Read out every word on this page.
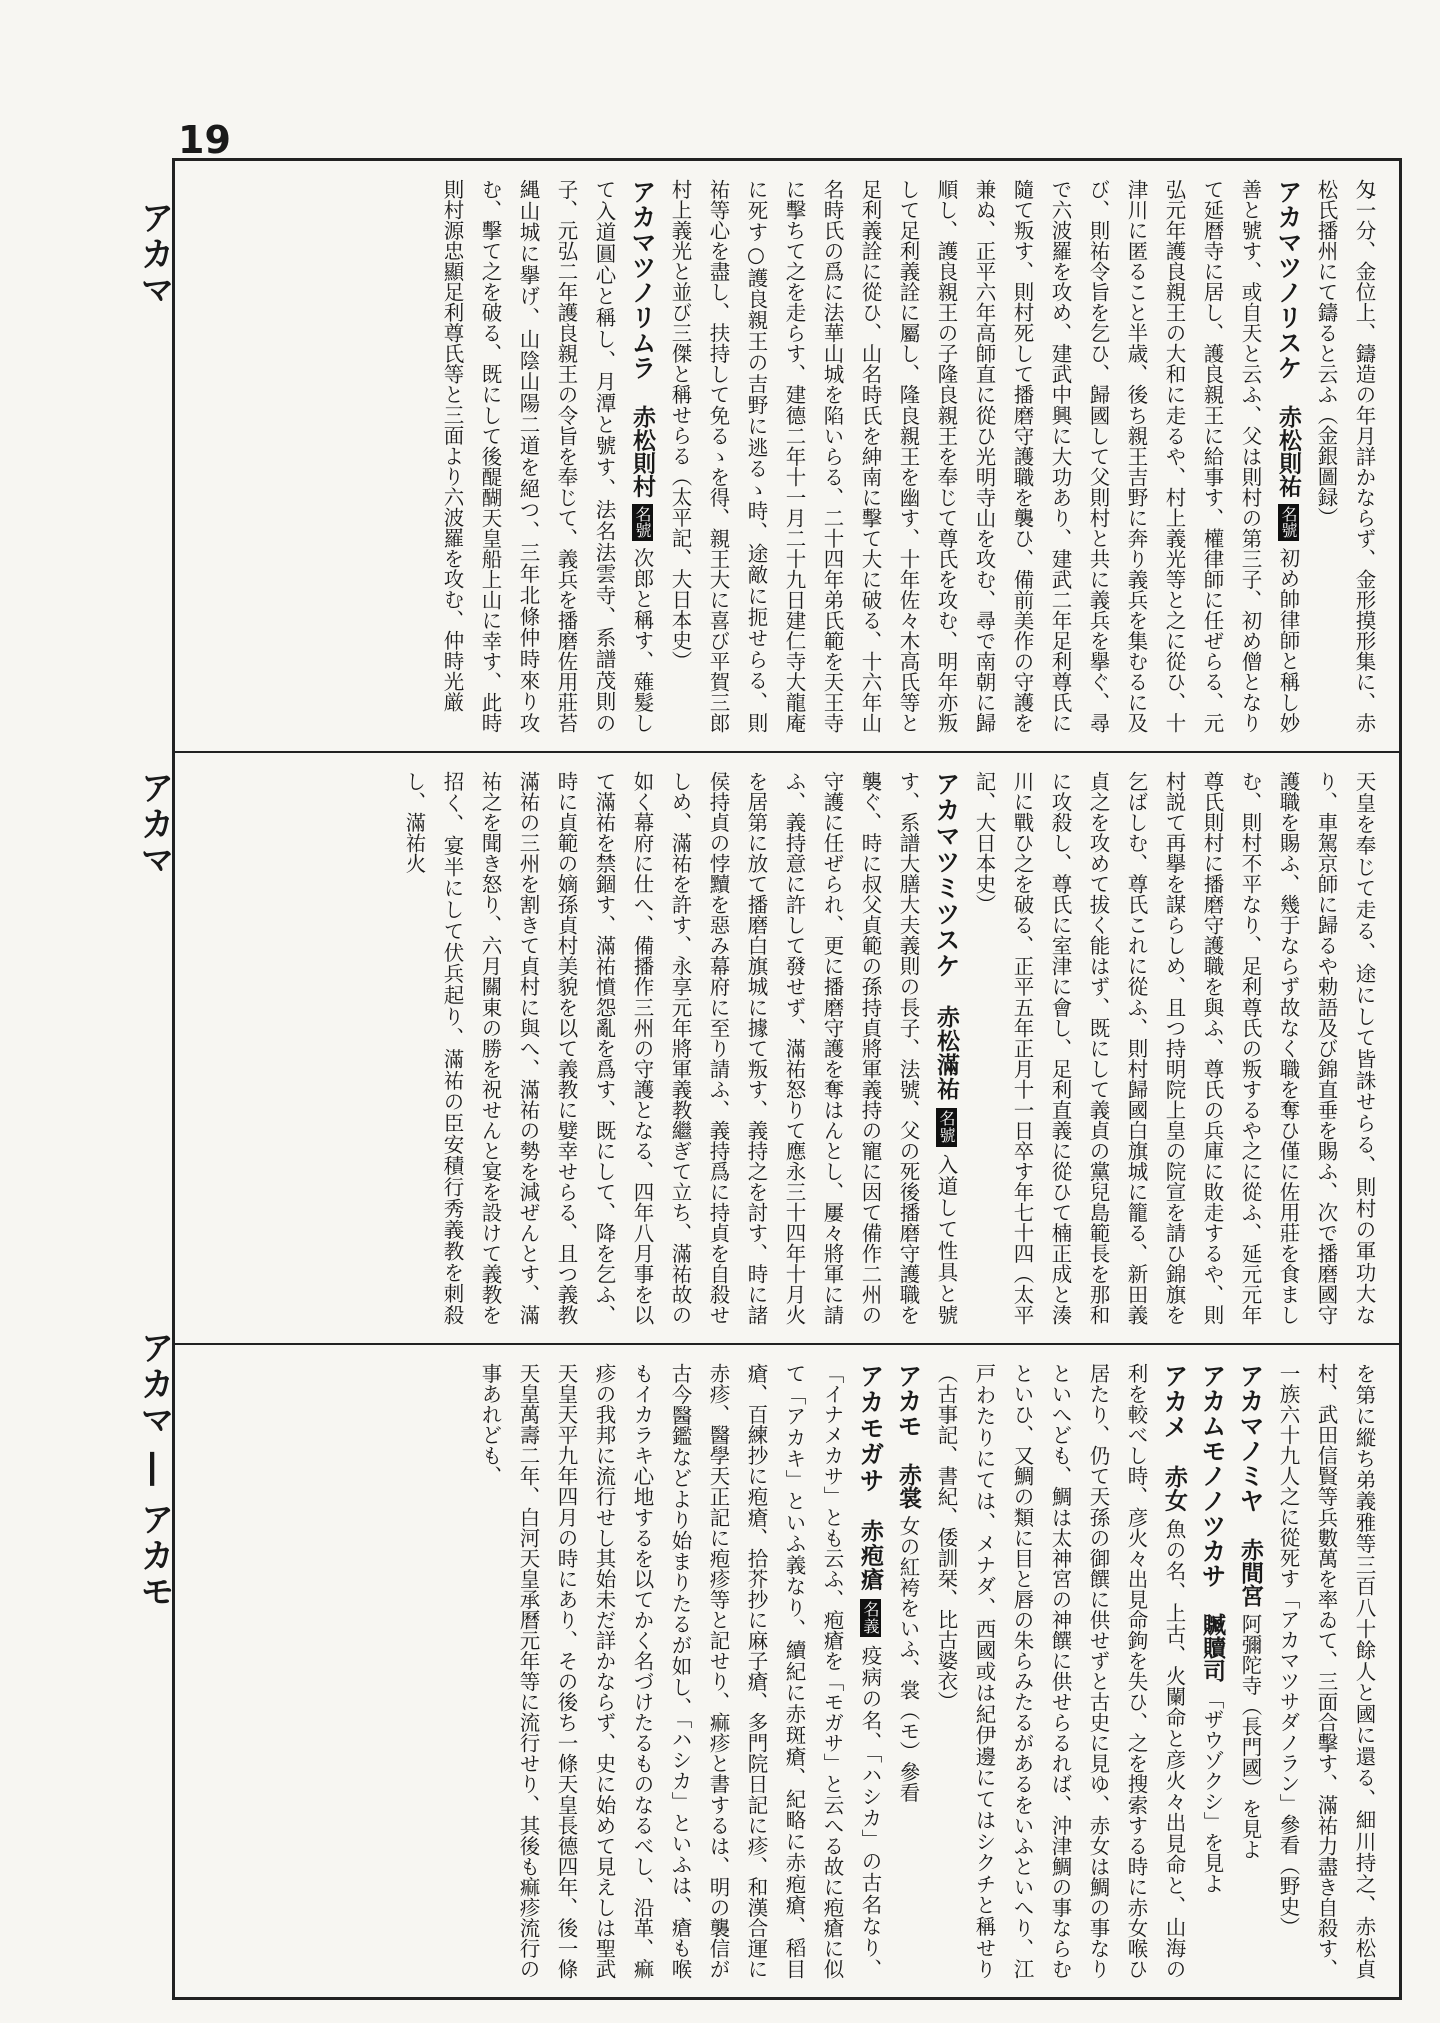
19
アカマ
アカマ
アカマ ― アカモ

匁一分、金位上、鑄造の年月詳かならず、金形摸形集に、赤松氏播州にて鑄ると云ふ（金銀圖録）

アカマツノリスケ 赤松則祐 名號 初め帥律師と稱し妙善と號す、或自天と云ふ、父は則村の第三子、初め僧となりて延暦寺に居し、護良親王に給事す、權律師に任ぜらる、元弘元年護良親王の大和に走るや、村上義光等と之に從ひ、十津川に匿ること半歳、後ち親王吉野に奔り義兵を集むるに及び、則祐令旨を乞ひ、歸國して父則村と共に義兵を擧ぐ、尋で六波羅を攻め、建武中興に大功あり、建武二年足利尊氏に隨て叛す、則村死して播磨守護職を襲ひ、備前美作の守護を兼ぬ、正平六年高師直に從ひ光明寺山を攻む、尋で南朝に歸順し、護良親王の子隆良親王を奉じて尊氏を攻む、明年亦叛して足利義詮に屬し、隆良親王を幽す、十年佐々木高氏等と足利義詮に從ひ、山名時氏を紳南に擊て大に破る、十六年山名時氏の爲に法華山城を陷いらる、二十四年弟氏範を天王寺に擊ちて之を走らす、建德二年十一月二十九日建仁寺大龍庵に死す○護良親王の吉野に逃るゝ時、途敵に扼せらる、則祐等心を盡し、扶持して免るゝを得、親王大に喜び平賀三郎村上義光と並び三傑と稱せらる（太平記、大日本史）

アカマツノリムラ 赤松則村 名號 次郎と稱す、薙髮して入道圓心と稱し、月潭と號す、法名法雲寺、系譜茂則の子、元弘二年護良親王の令旨を奉じて、義兵を播磨佐用莊苔縄山城に擧げ、山陰山陽二道を絕つ、三年北條仲時來り攻む、擊て之を破る、既にして後醍醐天皇船上山に幸す、此時則村源忠顯足利尊氏等と三面より六波羅を攻む、仲時光厳

天皇を奉じて走る、途にして皆誅せらる、則村の軍功大なり、車駕京師に歸るや勅語及び錦直垂を賜ふ、次で播磨國守護職を賜ふ、幾于ならず故なく職を奪ひ僅に佐用莊を食ましむ、則村不平なり、足利尊氏の叛するや之に從ふ、延元元年尊氏則村に播磨守護職を與ふ、尊氏の兵庫に敗走するや、則村説て再擧を謀らしめ、且つ持明院上皇の院宣を請ひ錦旗を乞ばしむ、尊氏これに從ふ、則村歸國白旗城に籠る、新田義貞之を攻めて拔く能はず、既にして義貞の黨兒島範長を那和に攻殺し、尊氏に室津に會し、足利直義に從ひて楠正成と湊川に戰ひ之を破る、正平五年正月十一日卒す年七十四（太平記、大日本史）

アカマツミツスケ 赤松滿祐 名號 入道して性具と號す、系譜大膳大夫義則の長子、法號、父の死後播磨守護職を襲ぐ、時に叔父貞範の孫持貞將軍義持の寵に因て備作二州の守護に任ぜられ、更に播磨守護を奪はんとし、屢々將軍に請ふ、義持意に許して發せず、滿祐怒りて應永三十四年十月火を居第に放て播磨白旗城に據て叛す、義持之を討す、時に諸侯持貞の悖黷を惡み幕府に至り請ふ、義持爲に持貞を自殺せしめ、滿祐を許す、永享元年將軍義教繼ぎて立ち、滿祐故の如く幕府に仕へ、備播作三州の守護となる、四年八月事を以て滿祐を禁錮す、滿祐憤怨亂を爲す、既にして、降を乞ふ、時に貞範の嫡孫貞村美貌を以て義教に嬖幸せらる、且つ義教滿祐の三州を割きて貞村に與へ、滿祐の勢を減ぜんとす、滿祐之を聞き怒り、六月關東の勝を祝せんと宴を設けて義教を招く、宴半にして伏兵起り、滿祐の臣安積行秀義教を刺殺し、滿祐火

を第に縱ち弟義雅等三百八十餘人と國に還る、細川持之、赤松貞村、武田信賢等兵數萬を率ゐて、三面合擊す、滿祐力盡き自殺す、一族六十九人之に從死す「アカマツサダノラン」參看（野史）

アカマノミヤ 赤間宮 阿彌陀寺（長門國）を見よ

アカムモノノツカサ 贓贖司 「ザウゾクシ」を見よ

アカメ 赤女 魚の名、上古、火闌命と彦火々出見命と、山海の利を較べし時、彦火々出見命鉤を失ひ、之を搜索する時に赤女喉ひ居たり、仍て天孫の御饌に供せずと古史に見ゆ、赤女は鯛の事なりといへども、鯛は太神宮の神饌に供せらるれば、沖津鯛の事ならむといひ、又鯛の類に目と唇の朱らみたるがあるをいふといへり、江戸わたりにては、メナダ、西國或は紀伊邊にてはシクチと稱せり（古事記、書紀、倭訓栞、比古婆衣）

アカモ 赤裳 女の紅袴をいふ、裳（モ）參看

アカモガサ 赤疱瘡 名義 疫病の名、「ハシカ」の古名なり、「イナメカサ」とも云ふ、疱瘡を「モガサ」と云へる故に疱瘡に似て「アカキ」といふ義なり、續紀に赤斑瘡、紀略に赤疱瘡、稻目瘡、百練抄に疱瘡、拾芥抄に麻子瘡、多門院日記に疹、和漢合運に赤疹、醫學天正記に疱疹等と記せり、痲疹と書するは、明の襲信が古今醫鑑などより始まりたるが如し、「ハシカ」といふは、瘡も喉もイカラキ心地するを以てかく名づけたるものなるべし、沿革、痲疹の我邦に流行せし其始未だ詳かならず、史に始めて見えしは聖武天皇天平九年四月の時にあり、その後ち一條天皇長德四年、後一條天皇萬壽二年、白河天皇承曆元年等に流行せり、其後も痲疹流行の事あれども、
